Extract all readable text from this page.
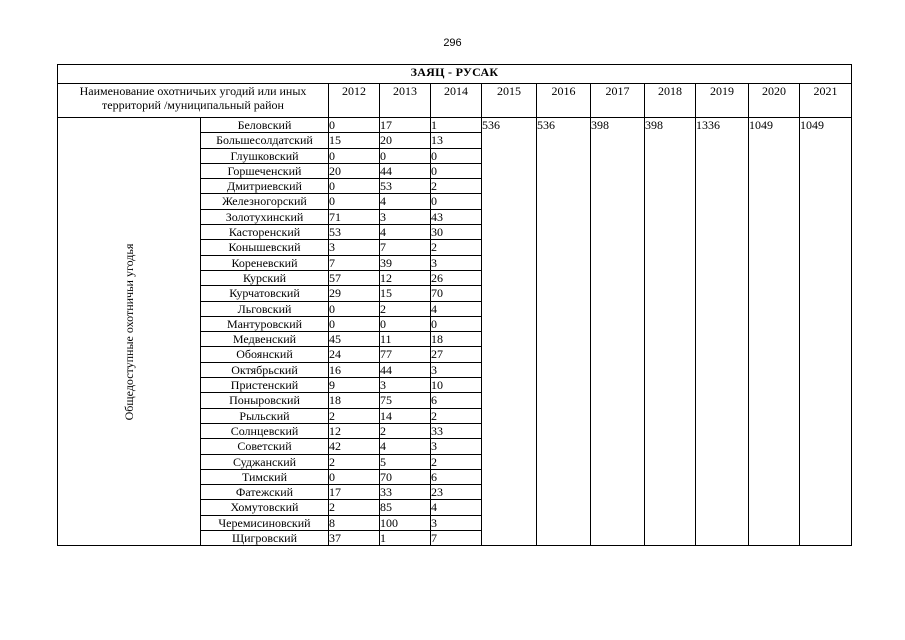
296
ЗАЯЦ - РУСАК											
Наименование охотничьих угодий или иных территорий /муниципальный район		2012	2013	2014	2015	2016	2017	2018	2019	2020	2021

Общедоступные охотничьи угодья	Беловский	0	17	1	536	536	398	398	1336	1049	1049
	Большесолдатский	15	20	13							
	Глушковский	0	0	0							
	Горшеченский	20	44	0							
	Дмитриевский	0	53	2							
	Железногорский	0	4	0							
	Золотухинский	71	3	43							
	Касторенский	53	4	30							
	Конышевский	3	7	2							
	Кореневский	7	39	3							
	Курский	57	12	26							
	Курчатовский	29	15	70							
	Льговский	0	2	4							
	Мантуровский	0	0	0							
	Медвенский	45	11	18							
	Обоянский	24	77	27							
	Октябрьский	16	44	3							
	Пристенский	9	3	10							
	Поныровский	18	75	6							
	Рыльский	2	14	2							
	Солнцевский	12	2	33							
	Советский	42	4	3							
	Суджанский	2	5	2							
	Тимский	0	70	6							
	Фатежский	17	33	23							
	Хомутовский	2	85	4							
	Черемисиновский	8	100	3							
	Щигровский	37	1	7							
